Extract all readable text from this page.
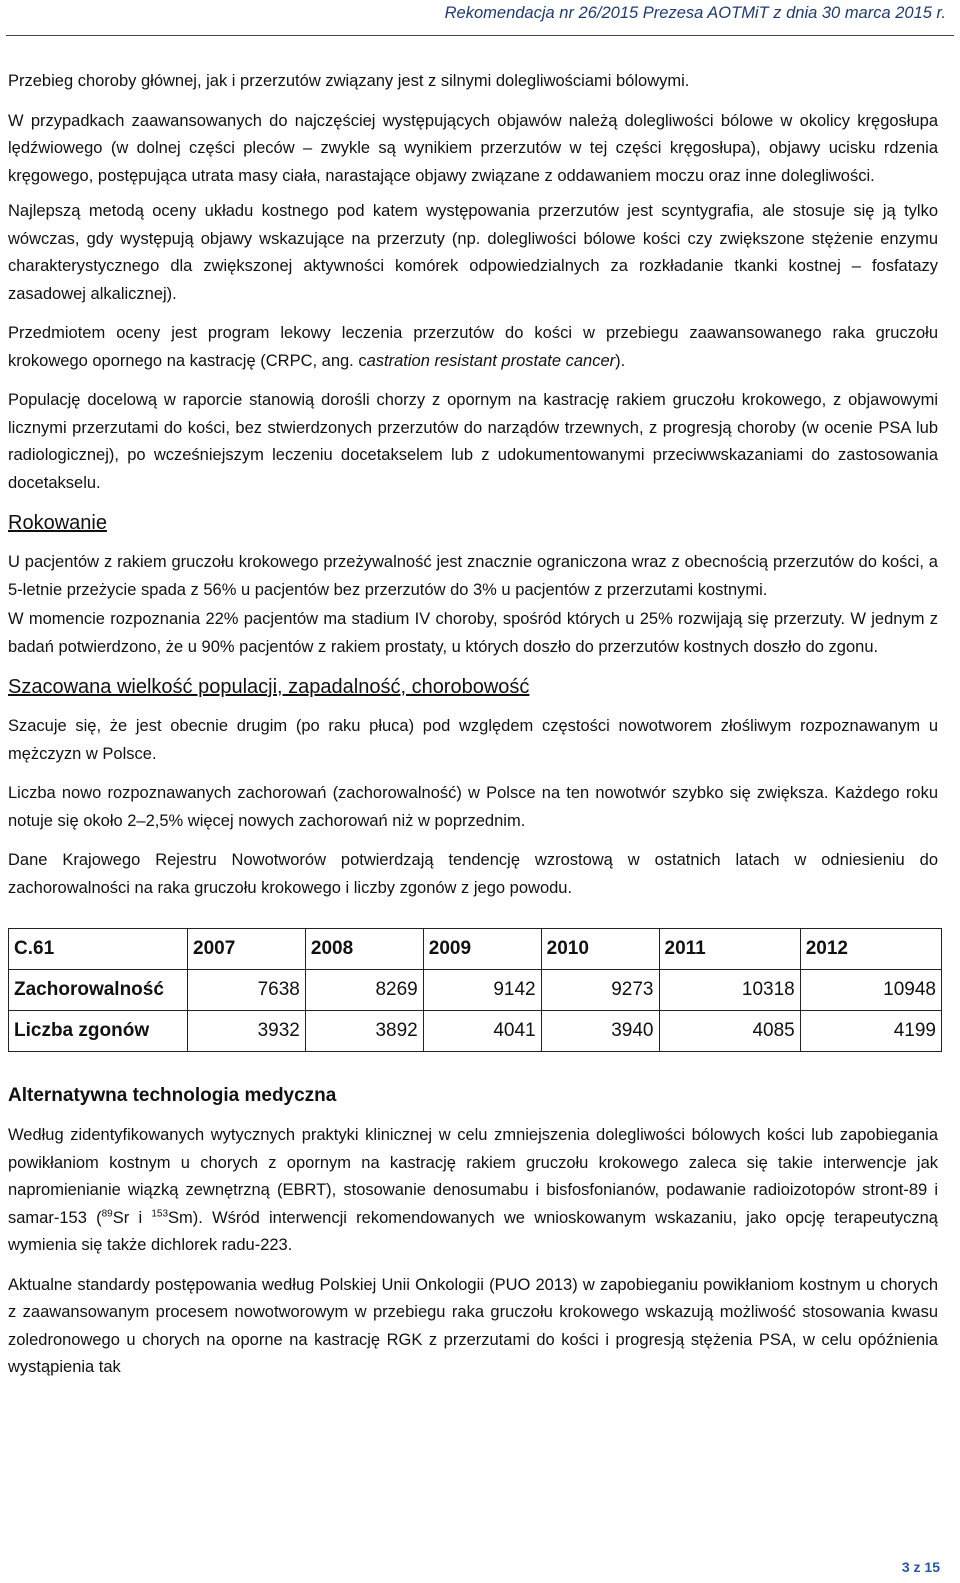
Rekomendacja nr 26/2015 Prezesa AOTMiT z dnia 30 marca 2015 r.

Przebieg choroby głównej, jak i przerzutów związany jest z silnymi dolegliwościami bólowymi.

W przypadkach zaawansowanych do najczęściej występujących objawów należą dolegliwości bólowe w okolicy kręgosłupa lędźwiowego (w dolnej części pleców – zwykle są wynikiem przerzutów w tej części kręgosłupa), objawy ucisku rdzenia kręgowego, postępująca utrata masy ciała, narastające objawy związane z oddawaniem moczu oraz inne dolegliwości.

Najlepszą metodą oceny układu kostnego pod katem występowania przerzutów jest scyntygrafia, ale stosuje się ją tylko wówczas, gdy występują objawy wskazujące na przerzuty (np. dolegliwości bólowe kości czy zwiększone stężenie enzymu charakterystycznego dla zwiększonej aktywności komórek odpowiedzialnych za rozkładanie tkanki kostnej – fosfatazy zasadowej alkalicznej).

Przedmiotem oceny jest program lekowy leczenia przerzutów do kości w przebiegu zaawansowanego raka gruczołu krokowego opornego na kastrację (CRPC, ang. castration resistant prostate cancer).

Populację docelową w raporcie stanowią dorośli chorzy z opornym na kastrację rakiem gruczołu krokowego, z objawowymi licznymi przerzutami do kości, bez stwierdzonych przerzutów do narządów trzewnych, z progresją choroby (w ocenie PSA lub radiologicznej), po wcześniejszym leczeniu docetakselem lub z udokumentowanymi przeciwwskazaniami do zastosowania docetakselu.

Rokowanie

U pacjentów z rakiem gruczołu krokowego przeżywalność jest znacznie ograniczona wraz z obecnością przerzutów do kości, a 5-letnie przeżycie spada z 56% u pacjentów bez przerzutów do 3% u pacjentów z przerzutami kostnymi.

W momencie rozpoznania 22% pacjentów ma stadium IV choroby, spośród których u 25% rozwijają się przerzuty. W jednym z badań potwierdzono, że u 90% pacjentów z rakiem prostaty, u których doszło do przerzutów kostnych doszło do zgonu.

Szacowana wielkość populacji, zapadalność, chorobowość

Szacuje się, że jest obecnie drugim (po raku płuca) pod względem częstości nowotworem złośliwym rozpoznawanym u mężczyzn w Polsce.

Liczba nowo rozpoznawanych zachorowań (zachorowalność) w Polsce na ten nowotwór szybko się zwiększa. Każdego roku notuje się około 2–2,5% więcej nowych zachorowań niż w poprzednim.

Dane Krajowego Rejestru Nowotworów potwierdzają tendencję wzrostową w ostatnich latach w odniesieniu do zachorowalności na raka gruczołu krokowego i liczby zgonów z jego powodu.

C.61	2007	2008	2009	2010	2011	2012
Zachorowalność	7638	8269	9142	9273	10318	10948
Liczba zgonów	3932	3892	4041	3940	4085	4199
Alternatywna technologia medyczna

Według zidentyfikowanych wytycznych praktyki klinicznej w celu zmniejszenia dolegliwości bólowych kości lub zapobiegania powikłaniom kostnym u chorych z opornym na kastrację rakiem gruczołu krokowego zaleca się takie interwencje jak napromienianie wiązką zewnętrzną (EBRT), stosowanie denosumabu i bisfosfonianów, podawanie radioizotopów stront-89 i samar-153 ($^{89}$Sr i $^{153}$Sm). Wśród interwencji rekomendowanych we wnioskowanym wskazaniu, jako opcję terapeutyczną wymienia się także dichlorek radu-223.

Aktualne standardy postępowania według Polskiej Unii Onkologii (PUO 2013) w zapobieganiu powikłaniom kostnym u chorych z zaawansowanym procesem nowotworowym w przebiegu raka gruczołu krokowego wskazują możliwość stosowania kwasu zoledronowego u chorych na oporne na kastrację RGK z przerzutami do kości i progresją stężenia PSA, w celu opóźnienia wystąpienia tak

3 z 15
